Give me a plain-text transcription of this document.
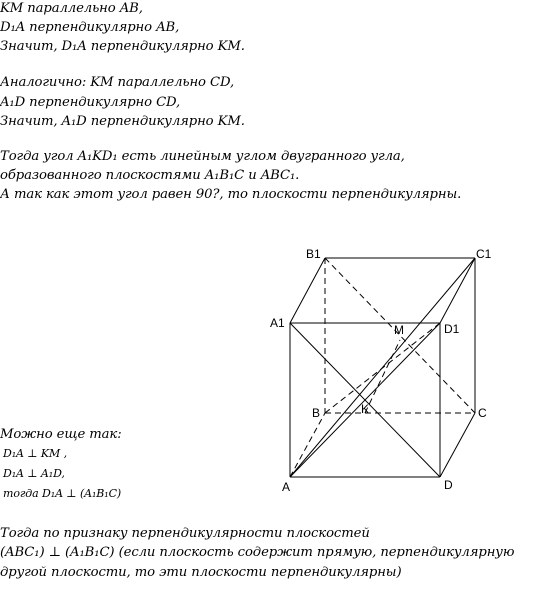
KM параллельно AB,

D₁A перпендикулярно AB,

Значит, D₁A перпендикулярно KM.

Аналогично: KM параллельно CD,

A₁D перпендикулярно CD,

Значит, A₁D перпендикулярно KM.

Тогда угол A₁KD₁ есть линейным углом двугранного угла,

образованного плоскостями A₁B₁C и ABC₁.

А так как этот угол равен 90?, то плоскости перпендикулярны.

Можно еще так:

D₁A ⊥ KM ,

D₁A ⊥ A₁D,

тогда D₁A ⊥ (A₁B₁C)

Тогда по признаку перпендикулярности плоскостей

(ABC₁) ⊥ (A₁B₁C) (если плоскость содержит прямую, перпендикулярную

другой плоскости, то эти плоскости перпендикулярны)

B1	C1
A1	D1
M
B	K	C
A	D
